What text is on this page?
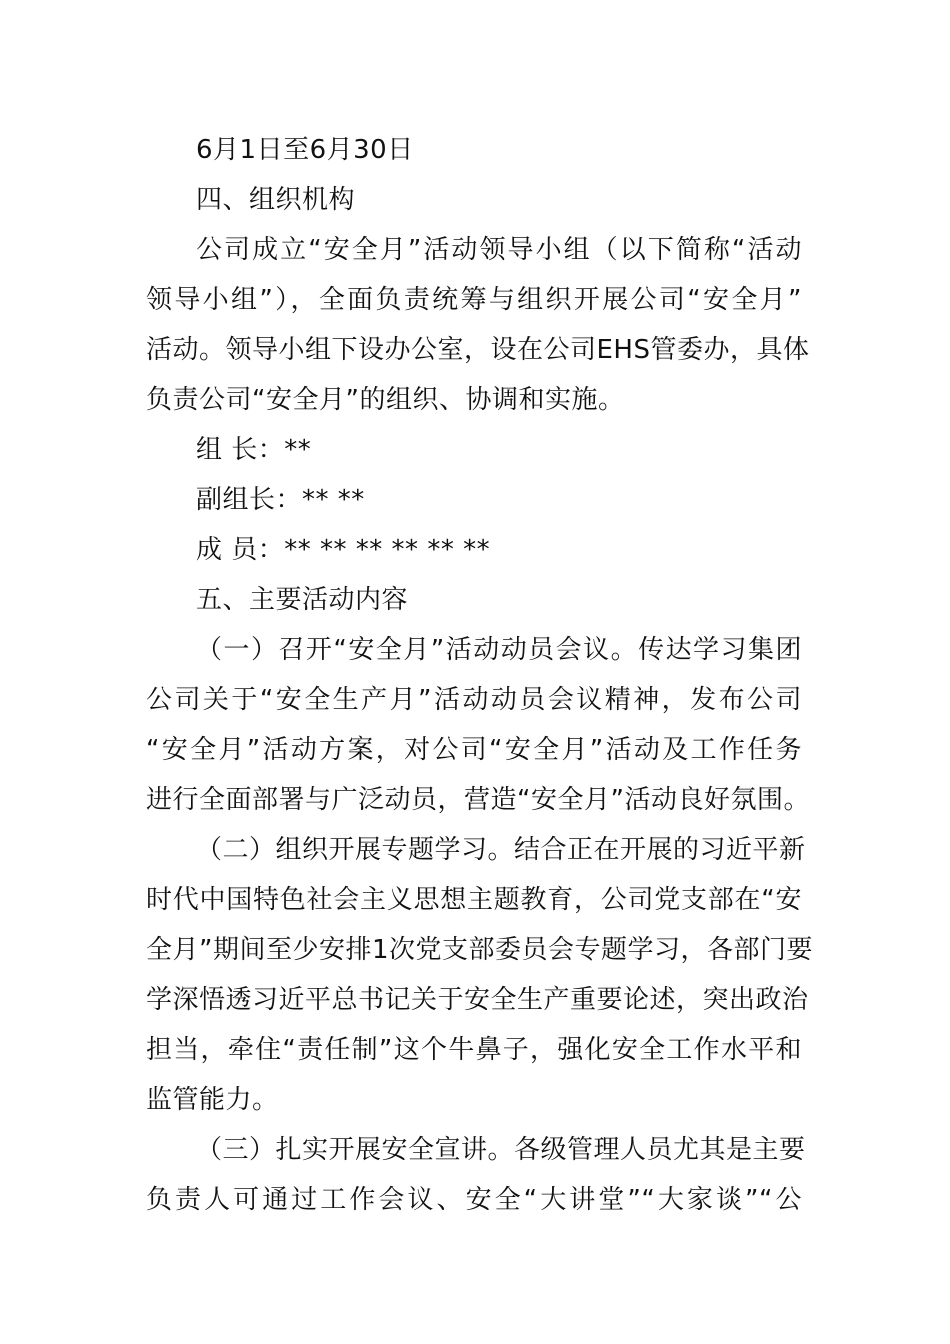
6月1日至6月30日
四、组织机构
公司成立“安全月”活动领导小组（以下简称“活动
领导小组”），全面负责统筹与组织开展公司“安全月”
活动。领导小组下设办公室，设在公司EHS管委办，具体
负责公司“安全月”的组织、协调和实施。
组 长：**
副组长：** **
成 员：** ** ** ** ** **
五、主要活动内容
（一）召开“安全月”活动动员会议。传达学习集团
公司关于“安全生产月”活动动员会议精神，发布公司
“安全月”活动方案，对公司“安全月”活动及工作任务
进行全面部署与广泛动员，营造“安全月”活动良好氛围。
（二）组织开展专题学习。结合正在开展的习近平新
时代中国特色社会主义思想主题教育，公司党支部在“安
全月”期间至少安排1次党支部委员会专题学习，各部门要
学深悟透习近平总书记关于安全生产重要论述，突出政治
担当，牵住“责任制”这个牛鼻子，强化安全工作水平和
监管能力。
（三）扎实开展安全宣讲。各级管理人员尤其是主要
负责人可通过工作会议、安全“大讲堂”“大家谈”“公
